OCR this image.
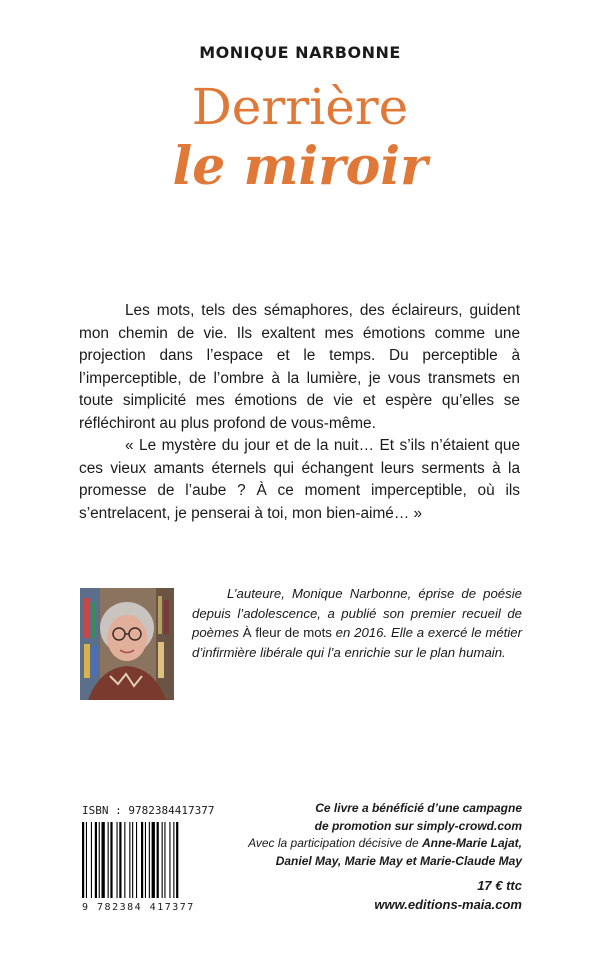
MONIQUE NARBONNE
Derrière
le miroir

Les mots, tels des sémaphores, des éclaireurs, guident mon chemin de vie. Ils exaltent mes émotions comme une projection dans l’espace et le temps. Du perceptible à l’imperceptible, de l’ombre à la lumière, je vous transmets en toute simplicité mes émotions de vie et espère qu’elles se réfléchiront au plus profond de vous-même.

« Le mystère du jour et de la nuit… Et s’ils n’étaient que ces vieux amants éternels qui échangent leurs serments à la promesse de l’aube ? À ce moment imperceptible, où ils s’entrelacent, je penserai à toi, mon bien-aimé… »

L’auteure, Monique Narbonne, éprise de poésie depuis l’adolescence, a publié son premier recueil de poèmes À fleur de mots en 2016. Elle a exercé le métier d’infirmière libérale qui l’a enrichie sur le plan humain.
ISBN : 9782384417377
9 782384 417377
Ce livre a bénéficié d’une campagne
de promotion sur simply-crowd.com
Avec la participation décisive de Anne-Marie Lajat,
Daniel May, Marie May et Marie-Claude May
17 € ttc
www.editions-maia.com
